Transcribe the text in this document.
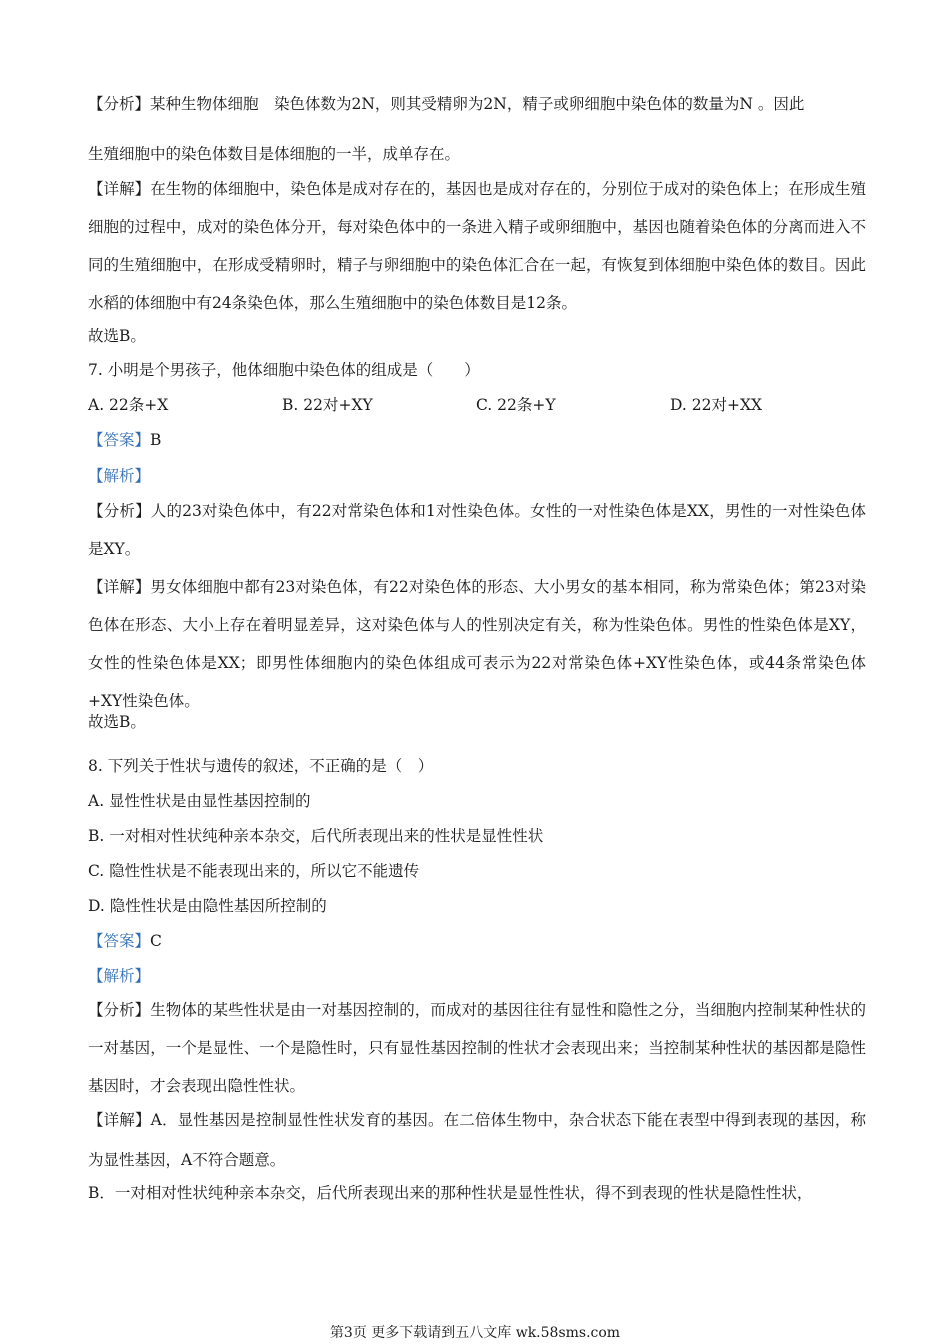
【分析】某种生物体细胞　染色体数为2N，则其受精卵为2N，精子或卵细胞中染色体的数量为N 。因此
生殖细胞中的染色体数目是体细胞的一半，成单存在。
【详解】在生物的体细胞中，染色体是成对存在的，基因也是成对存在的，分别位于成对的染色体上；在形成生殖细胞的过程中，成对的染色体分开，每对染色体中的一条进入精子或卵细胞中，基因也随着染色体的分离而进入不同的生殖细胞中，在形成受精卵时，精子与卵细胞中的染色体汇合在一起，有恢复到体细胞中染色体的数目。因此水稻的体细胞中有24条染色体，那么生殖细胞中的染色体数目是12条。
故选B。
7. 小明是个男孩子，他体细胞中染色体的组成是（　　）
A. 22条+X	B. 22对+XY	C. 22条+Y	D. 22对+XX
【答案】B
【解析】
【分析】人的23对染色体中，有22对常染色体和1对性染色体。女性的一对性染色体是XX，男性的一对性染色体是XY。
【详解】男女体细胞中都有23对染色体，有22对染色体的形态、大小男女的基本相同，称为常染色体；第23对染色体在形态、大小上存在着明显差异，这对染色体与人的性别决定有关，称为性染色体。男性的性染色体是XY，女性的性染色体是XX；即男性体细胞内的染色体组成可表示为22对常染色体+XY性染色体，或44条常染色体+XY性染色体。
故选B。
8. 下列关于性状与遗传的叙述，不正确的是（　）
A. 显性性状是由显性基因控制的
B. 一对相对性状纯种亲本杂交，后代所表现出来的性状是显性性状
C. 隐性性状是不能表现出来的，所以它不能遗传
D. 隐性性状是由隐性基因所控制的
【答案】C
【解析】
【分析】生物体的某些性状是由一对基因控制的，而成对的基因往往有显性和隐性之分，当细胞内控制某种性状的一对基因，一个是显性、一个是隐性时，只有显性基因控制的性状才会表现出来；当控制某种性状的基因都是隐性基因时，才会表现出隐性性状。
【详解】A．显性基因是控制显性性状发育的基因。在二倍体生物中，杂合状态下能在表型中得到表现的基因，称为显性基因，A不符合题意。
B．一对相对性状纯种亲本杂交，后代所表现出来的那种性状是显性性状，得不到表现的性状是隐性性状，
第3页 更多下载请到五八文库 wk.58sms.com
